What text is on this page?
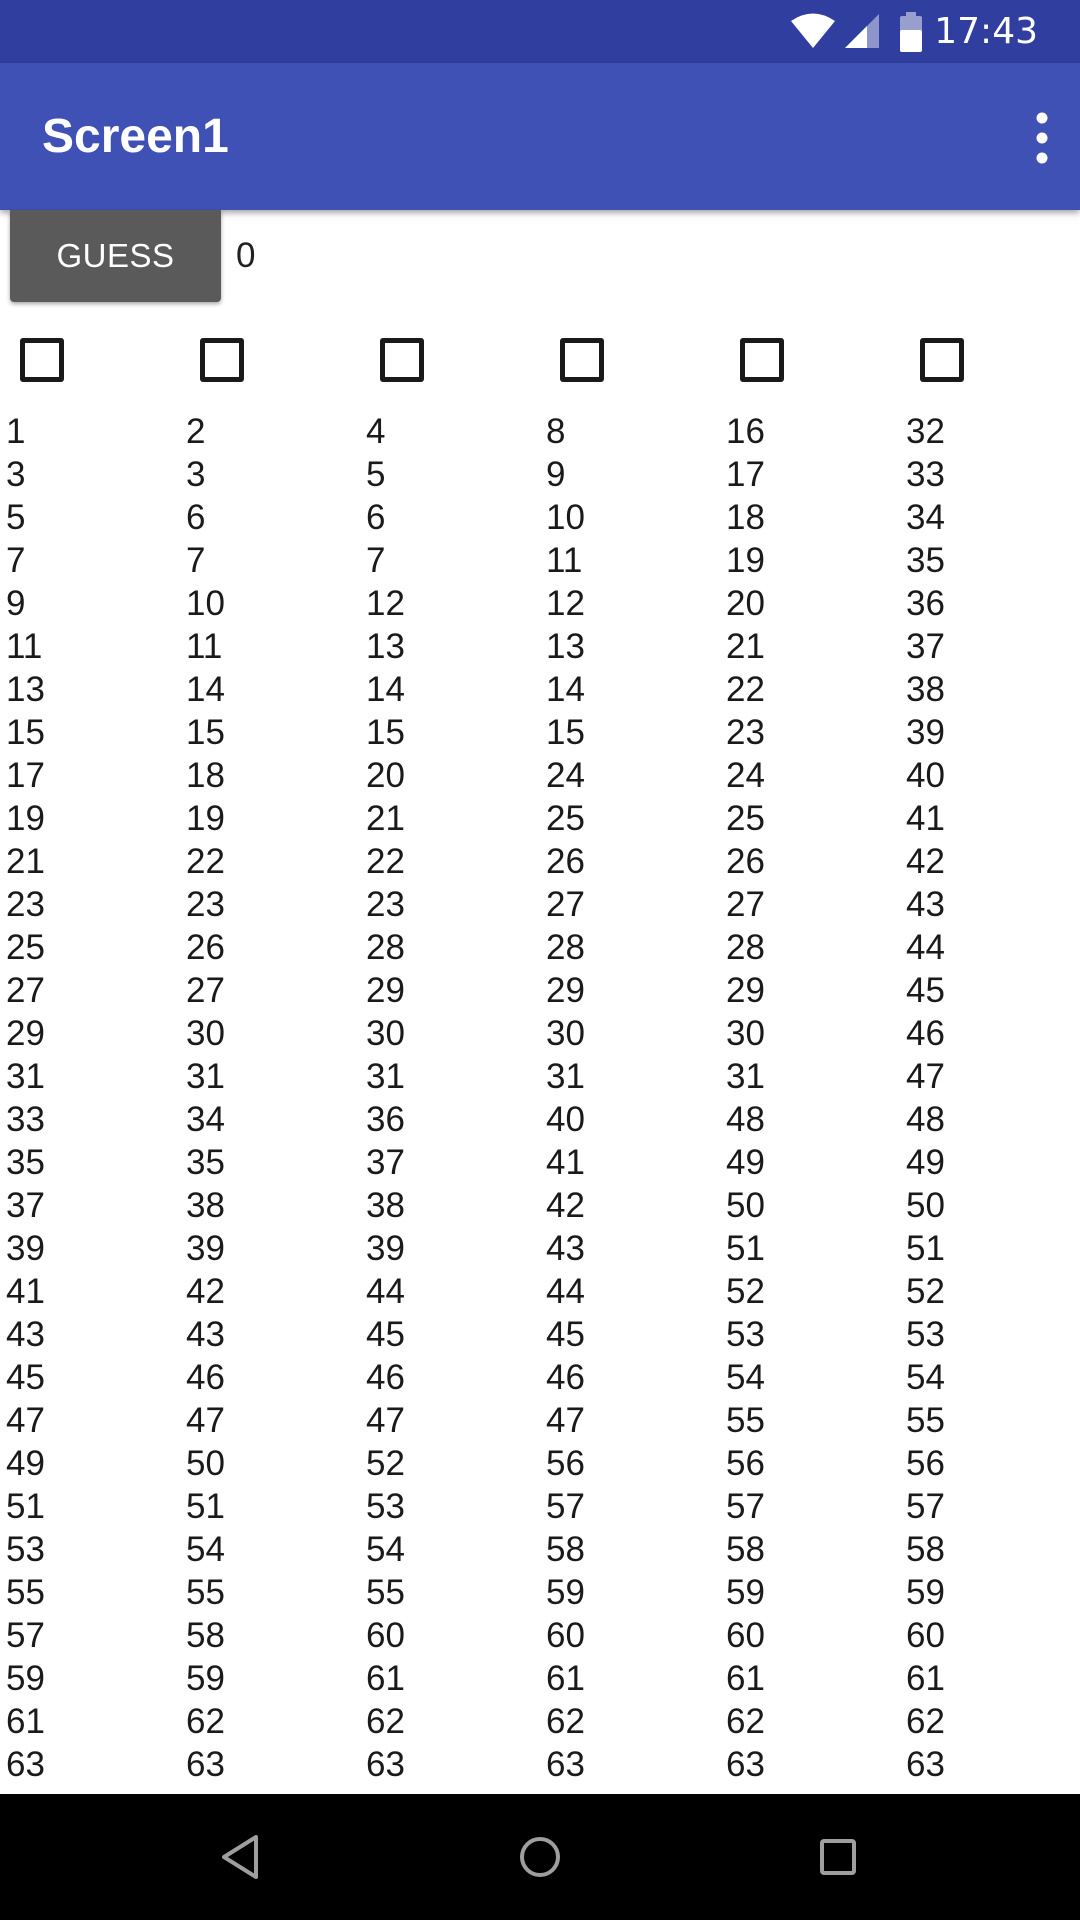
17:43
Screen1
GUESS	0
1
3
5
7
9
11
13
15
17
19
21
23
25
27
29
31
33
35
37
39
41
43
45
47
49
51
53
55
57
59
61
63
2
3
6
7
10
11
14
15
18
19
22
23
26
27
30
31
34
35
38
39
42
43
46
47
50
51
54
55
58
59
62
63
4
5
6
7
12
13
14
15
20
21
22
23
28
29
30
31
36
37
38
39
44
45
46
47
52
53
54
55
60
61
62
63
8
9
10
11
12
13
14
15
24
25
26
27
28
29
30
31
40
41
42
43
44
45
46
47
56
57
58
59
60
61
62
63
16
17
18
19
20
21
22
23
24
25
26
27
28
29
30
31
48
49
50
51
52
53
54
55
56
57
58
59
60
61
62
63
32
33
34
35
36
37
38
39
40
41
42
43
44
45
46
47
48
49
50
51
52
53
54
55
56
57
58
59
60
61
62
63
